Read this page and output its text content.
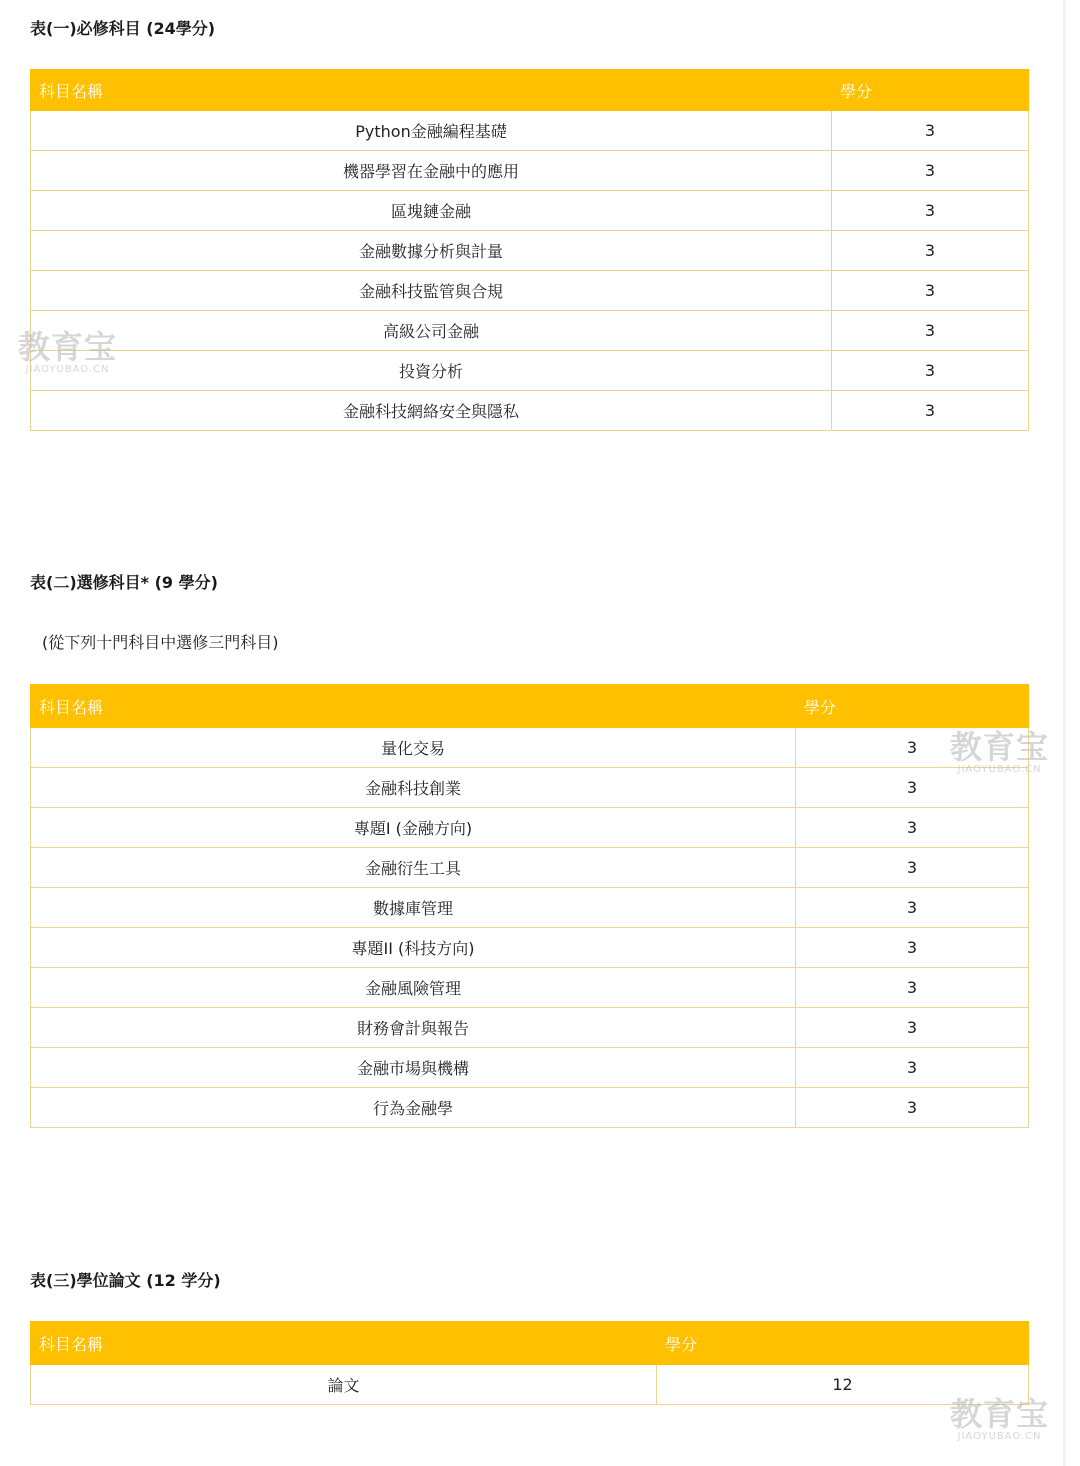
表(一)必修科目 (24學分)
科目名稱	學分
Python金融編程基礎	3
機器學習在金融中的應用	3
區塊鏈金融	3
金融數據分析與計量	3
金融科技監管與合規	3
高級公司金融	3
投資分析	3
金融科技網絡安全與隱私	3
表(二)選修科目* (9 學分)

(從下列十門科目中選修三門科目)

科目名稱	學分
量化交易	3
金融科技創業	3
專題I (金融方向)	3
金融衍生工具	3
數據庫管理	3
專題II (科技方向)	3
金融風險管理	3
財務會計與報告	3
金融市場與機構	3
行為金融學	3
表(三)學位論文 (12 学分)
科目名稱	學分
論文	12
教育宝
JIAOYUBAO.CN
教育宝
JIAOYUBAO.CN
教育宝
JIAOYUBAO.CN
